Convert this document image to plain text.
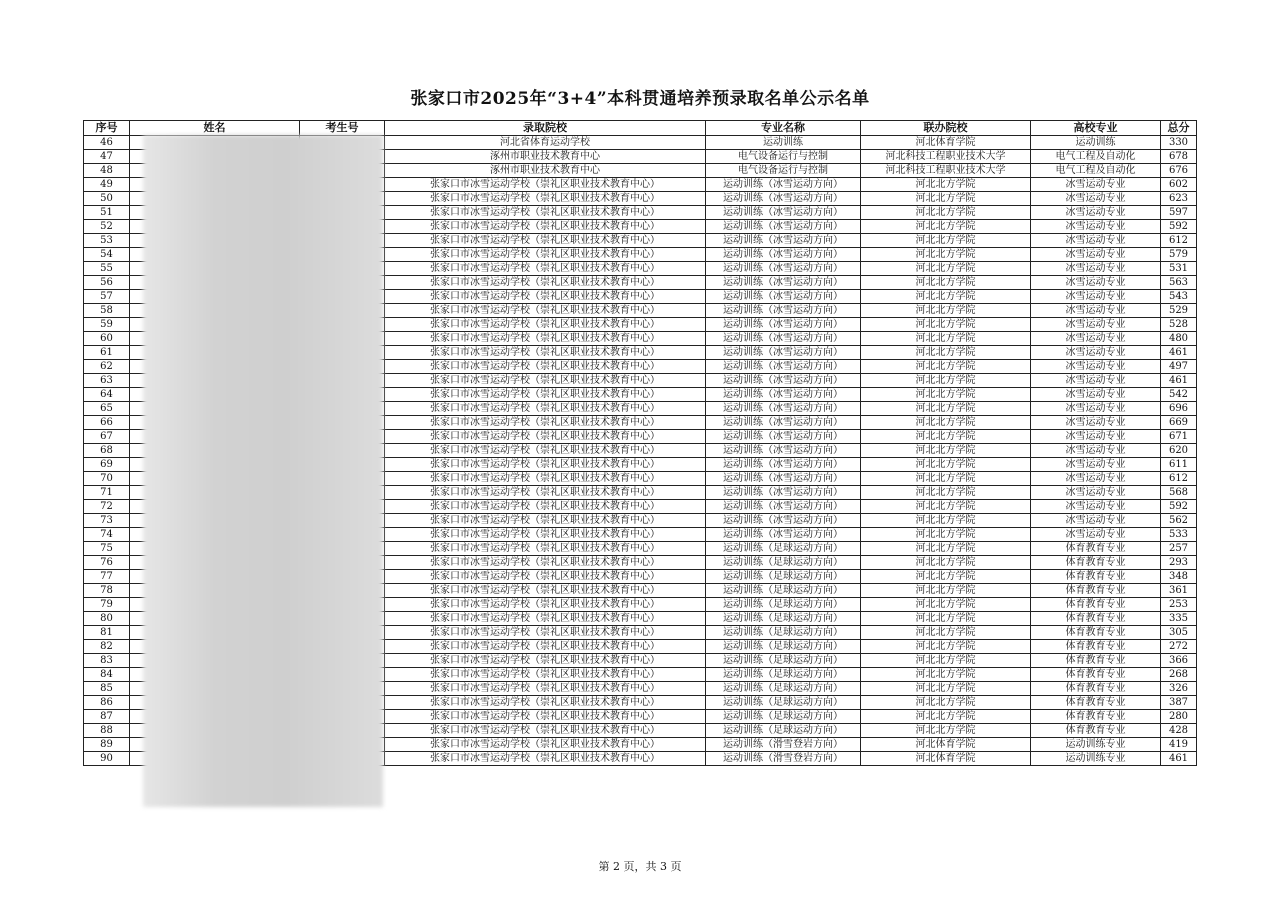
张家口市2025年“3+4”本科贯通培养预录取名单公示名单
序号	姓名	考生号	录取院校	专业名称	联办院校	高校专业	总分
46			河北省体育运动学校	运动训练	河北体育学院	运动训练	330
47			涿州市职业技术教育中心	电气设备运行与控制	河北科技工程职业技术大学	电气工程及自动化	678
48			涿州市职业技术教育中心	电气设备运行与控制	河北科技工程职业技术大学	电气工程及自动化	676
49			张家口市冰雪运动学校（崇礼区职业技术教育中心）	运动训练（冰雪运动方向）	河北北方学院	冰雪运动专业	602
50			张家口市冰雪运动学校（崇礼区职业技术教育中心）	运动训练（冰雪运动方向）	河北北方学院	冰雪运动专业	623
51			张家口市冰雪运动学校（崇礼区职业技术教育中心）	运动训练（冰雪运动方向）	河北北方学院	冰雪运动专业	597
52			张家口市冰雪运动学校（崇礼区职业技术教育中心）	运动训练（冰雪运动方向）	河北北方学院	冰雪运动专业	592
53			张家口市冰雪运动学校（崇礼区职业技术教育中心）	运动训练（冰雪运动方向）	河北北方学院	冰雪运动专业	612
54			张家口市冰雪运动学校（崇礼区职业技术教育中心）	运动训练（冰雪运动方向）	河北北方学院	冰雪运动专业	579
55			张家口市冰雪运动学校（崇礼区职业技术教育中心）	运动训练（冰雪运动方向）	河北北方学院	冰雪运动专业	531
56			张家口市冰雪运动学校（崇礼区职业技术教育中心）	运动训练（冰雪运动方向）	河北北方学院	冰雪运动专业	563
57			张家口市冰雪运动学校（崇礼区职业技术教育中心）	运动训练（冰雪运动方向）	河北北方学院	冰雪运动专业	543
58			张家口市冰雪运动学校（崇礼区职业技术教育中心）	运动训练（冰雪运动方向）	河北北方学院	冰雪运动专业	529
59			张家口市冰雪运动学校（崇礼区职业技术教育中心）	运动训练（冰雪运动方向）	河北北方学院	冰雪运动专业	528
60			张家口市冰雪运动学校（崇礼区职业技术教育中心）	运动训练（冰雪运动方向）	河北北方学院	冰雪运动专业	480
61			张家口市冰雪运动学校（崇礼区职业技术教育中心）	运动训练（冰雪运动方向）	河北北方学院	冰雪运动专业	461
62			张家口市冰雪运动学校（崇礼区职业技术教育中心）	运动训练（冰雪运动方向）	河北北方学院	冰雪运动专业	497
63			张家口市冰雪运动学校（崇礼区职业技术教育中心）	运动训练（冰雪运动方向）	河北北方学院	冰雪运动专业	461
64			张家口市冰雪运动学校（崇礼区职业技术教育中心）	运动训练（冰雪运动方向）	河北北方学院	冰雪运动专业	542
65			张家口市冰雪运动学校（崇礼区职业技术教育中心）	运动训练（冰雪运动方向）	河北北方学院	冰雪运动专业	696
66			张家口市冰雪运动学校（崇礼区职业技术教育中心）	运动训练（冰雪运动方向）	河北北方学院	冰雪运动专业	669
67			张家口市冰雪运动学校（崇礼区职业技术教育中心）	运动训练（冰雪运动方向）	河北北方学院	冰雪运动专业	671
68			张家口市冰雪运动学校（崇礼区职业技术教育中心）	运动训练（冰雪运动方向）	河北北方学院	冰雪运动专业	620
69			张家口市冰雪运动学校（崇礼区职业技术教育中心）	运动训练（冰雪运动方向）	河北北方学院	冰雪运动专业	611
70			张家口市冰雪运动学校（崇礼区职业技术教育中心）	运动训练（冰雪运动方向）	河北北方学院	冰雪运动专业	612
71			张家口市冰雪运动学校（崇礼区职业技术教育中心）	运动训练（冰雪运动方向）	河北北方学院	冰雪运动专业	568
72			张家口市冰雪运动学校（崇礼区职业技术教育中心）	运动训练（冰雪运动方向）	河北北方学院	冰雪运动专业	592
73			张家口市冰雪运动学校（崇礼区职业技术教育中心）	运动训练（冰雪运动方向）	河北北方学院	冰雪运动专业	562
74			张家口市冰雪运动学校（崇礼区职业技术教育中心）	运动训练（冰雪运动方向）	河北北方学院	冰雪运动专业	533
75			张家口市冰雪运动学校（崇礼区职业技术教育中心）	运动训练（足球运动方向）	河北北方学院	体育教育专业	257
76			张家口市冰雪运动学校（崇礼区职业技术教育中心）	运动训练（足球运动方向）	河北北方学院	体育教育专业	293
77			张家口市冰雪运动学校（崇礼区职业技术教育中心）	运动训练（足球运动方向）	河北北方学院	体育教育专业	348
78			张家口市冰雪运动学校（崇礼区职业技术教育中心）	运动训练（足球运动方向）	河北北方学院	体育教育专业	361
79			张家口市冰雪运动学校（崇礼区职业技术教育中心）	运动训练（足球运动方向）	河北北方学院	体育教育专业	253
80			张家口市冰雪运动学校（崇礼区职业技术教育中心）	运动训练（足球运动方向）	河北北方学院	体育教育专业	335
81			张家口市冰雪运动学校（崇礼区职业技术教育中心）	运动训练（足球运动方向）	河北北方学院	体育教育专业	305
82			张家口市冰雪运动学校（崇礼区职业技术教育中心）	运动训练（足球运动方向）	河北北方学院	体育教育专业	272
83			张家口市冰雪运动学校（崇礼区职业技术教育中心）	运动训练（足球运动方向）	河北北方学院	体育教育专业	366
84			张家口市冰雪运动学校（崇礼区职业技术教育中心）	运动训练（足球运动方向）	河北北方学院	体育教育专业	268
85			张家口市冰雪运动学校（崇礼区职业技术教育中心）	运动训练（足球运动方向）	河北北方学院	体育教育专业	326
86			张家口市冰雪运动学校（崇礼区职业技术教育中心）	运动训练（足球运动方向）	河北北方学院	体育教育专业	387
87			张家口市冰雪运动学校（崇礼区职业技术教育中心）	运动训练（足球运动方向）	河北北方学院	体育教育专业	280
88			张家口市冰雪运动学校（崇礼区职业技术教育中心）	运动训练（足球运动方向）	河北北方学院	体育教育专业	428
89			张家口市冰雪运动学校（崇礼区职业技术教育中心）	运动训练（滑雪登岩方向）	河北体育学院	运动训练专业	419
90			张家口市冰雪运动学校（崇礼区职业技术教育中心）	运动训练（滑雪登岩方向）	河北体育学院	运动训练专业	461
第 2 页，共 3 页
